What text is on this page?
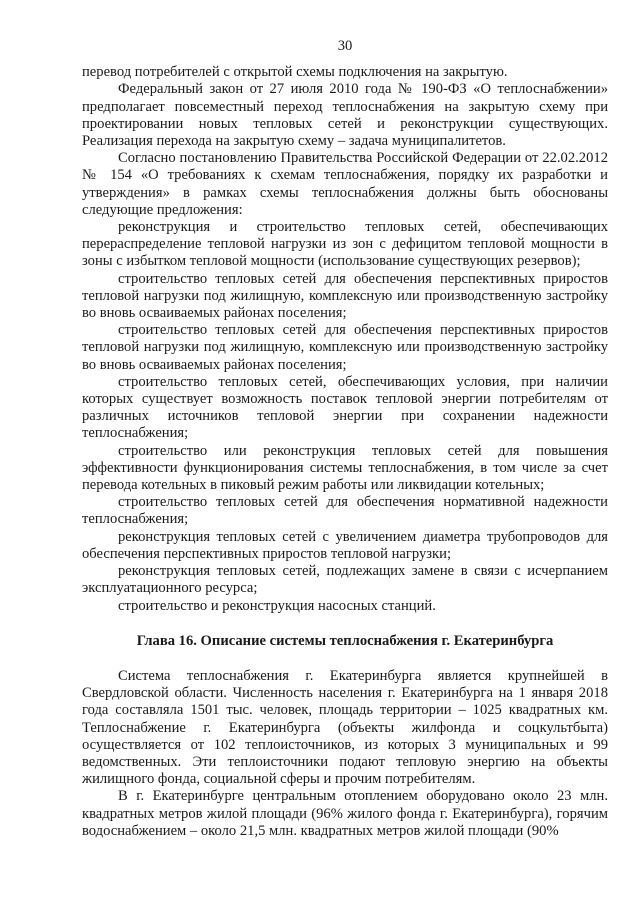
30

перевод потребителей с открытой схемы подключения на закрытую.

Федеральный закон от 27 июля 2010 года № 190-ФЗ «О теплоснабжении» предполагает повсеместный переход теплоснабжения на закрытую схему при проектировании новых тепловых сетей и реконструкции существующих. Реализация перехода на закрытую схему – задача муниципалитетов.

Согласно постановлению Правительства Российской Федерации от 22.02.2012 № 154 «О требованиях к схемам теплоснабжения, порядку их разработки и утверждения» в рамках схемы теплоснабжения должны быть обоснованы следующие предложения:

реконструкция и строительство тепловых сетей, обеспечивающих перераспределение тепловой нагрузки из зон с дефицитом тепловой мощности в зоны с избытком тепловой мощности (использование существующих резервов);

строительство тепловых сетей для обеспечения перспективных приростов тепловой нагрузки под жилищную, комплексную или производственную застройку во вновь осваиваемых районах поселения;

строительство тепловых сетей для обеспечения перспективных приростов тепловой нагрузки под жилищную, комплексную или производственную застройку во вновь осваиваемых районах поселения;

строительство тепловых сетей, обеспечивающих условия, при наличии которых существует возможность поставок тепловой энергии потребителям от различных источников тепловой энергии при сохранении надежности теплоснабжения;

строительство или реконструкция тепловых сетей для повышения эффективности функционирования системы теплоснабжения, в том числе за счет перевода котельных в пиковый режим работы или ликвидации котельных;

строительство тепловых сетей для обеспечения нормативной надежности теплоснабжения;

реконструкция тепловых сетей с увеличением диаметра трубопроводов для обеспечения перспективных приростов тепловой нагрузки;

реконструкция тепловых сетей, подлежащих замене в связи с исчерпанием эксплуатационного ресурса;

строительство и реконструкция насосных станций.

Глава 16. Описание системы теплоснабжения г. Екатеринбурга

Система теплоснабжения г. Екатеринбурга является крупнейшей в Свердловской области. Численность населения г. Екатеринбурга на 1 января 2018 года составляла 1501 тыс. человек, площадь территории – 1025 квадратных км. Теплоснабжение г. Екатеринбурга (объекты жилфонда и соцкультбыта) осуществляется от 102 теплоисточников, из которых 3 муниципальных и 99 ведомственных. Эти теплоисточники подают тепловую энергию на объекты жилищного фонда, социальной сферы и прочим потребителям.

В г. Екатеринбурге центральным отоплением оборудовано около 23 млн. квадратных метров жилой площади (96% жилого фонда г. Екатеринбурга), горячим водоснабжением – около 21,5 млн. квадратных метров жилой площади (90%
